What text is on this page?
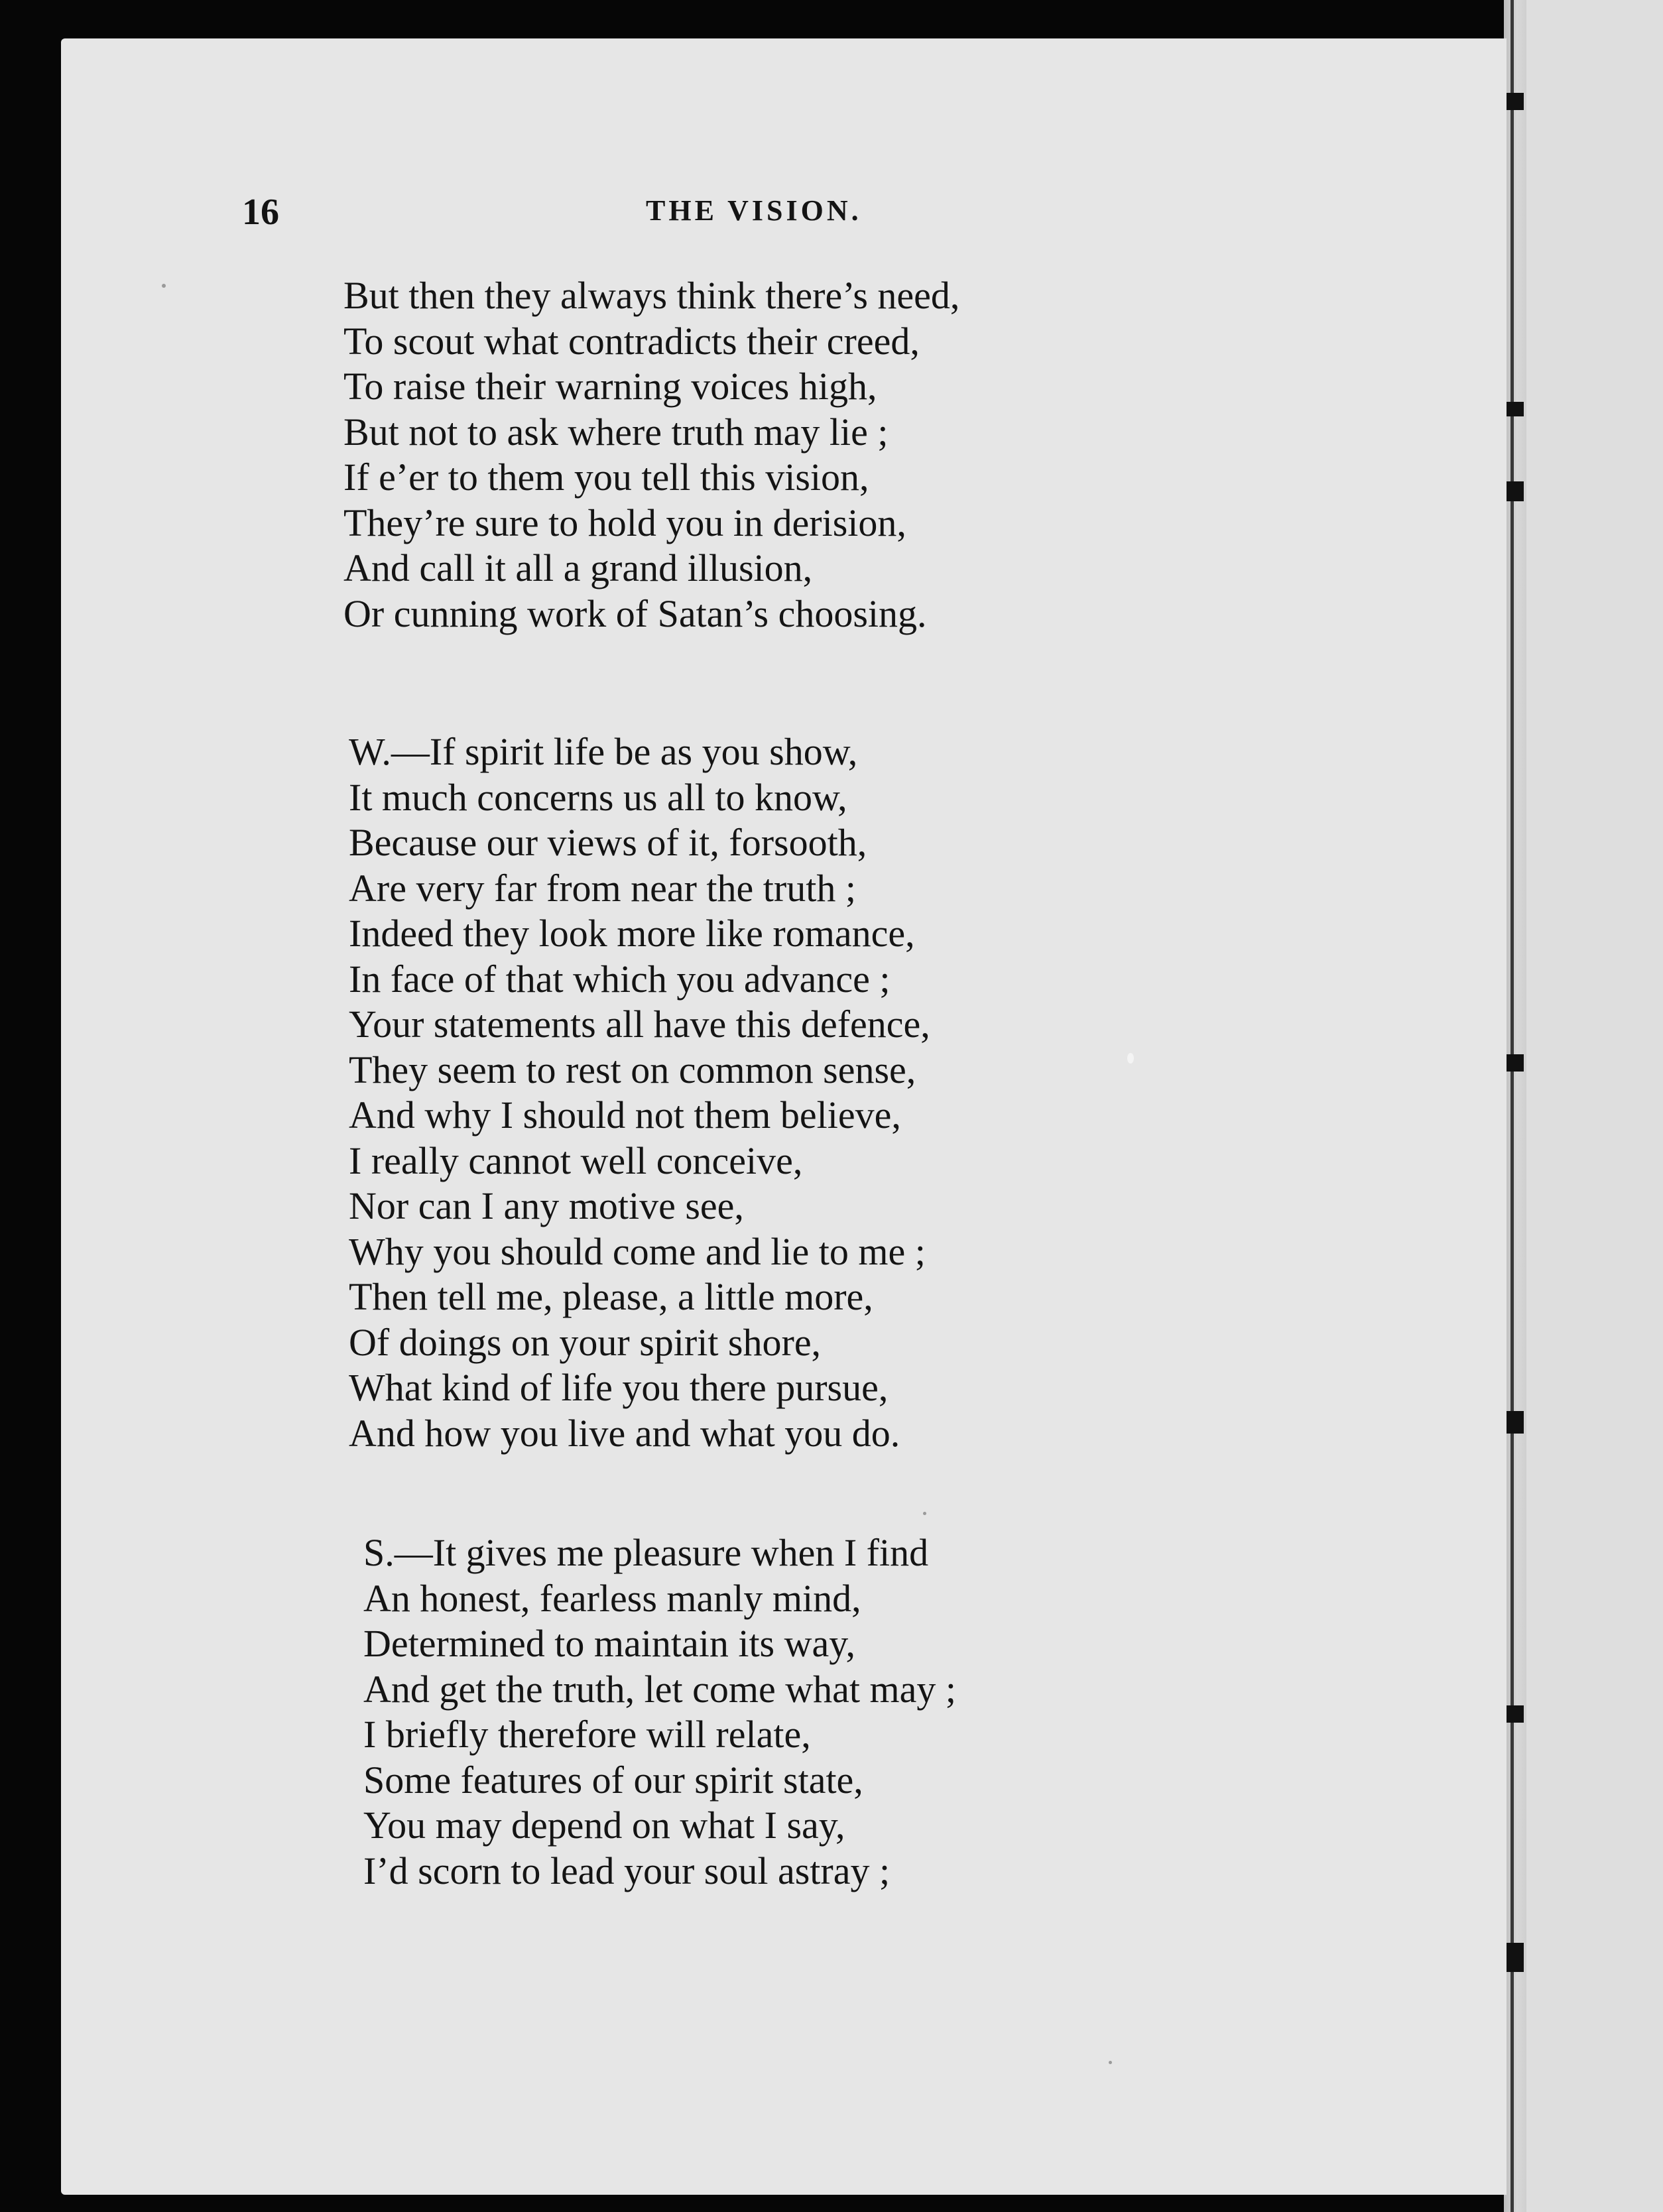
16	THE VISION.
But then they always think there’s need,
To scout what contradicts their creed,
To raise their warning voices high,
But not to ask where truth may lie ;
If e’er to them you tell this vision,
They’re sure to hold you in derision,
And call it all a grand illusion,
Or cunning work of Satan’s choosing.
W.—If spirit life be as you show,
It much concerns us all to know,
Because our views of it, forsooth,
Are very far from near the truth ;
Indeed they look more like romance,
In face of that which you advance ;
Your statements all have this defence,
They seem to rest on common sense,
And why I should not them believe,
I really cannot well conceive,
Nor can I any motive see,
Why you should come and lie to me ;
Then tell me, please, a little more,
Of doings on your spirit shore,
What kind of life you there pursue,
And how you live and what you do.
S.—It gives me pleasure when I find
An honest, fearless manly mind,
Determined to maintain its way,
And get the truth, let come what may ;
I briefly therefore will relate,
Some features of our spirit state,
You may depend on what I say,
I’d scorn to lead your soul astray ;
